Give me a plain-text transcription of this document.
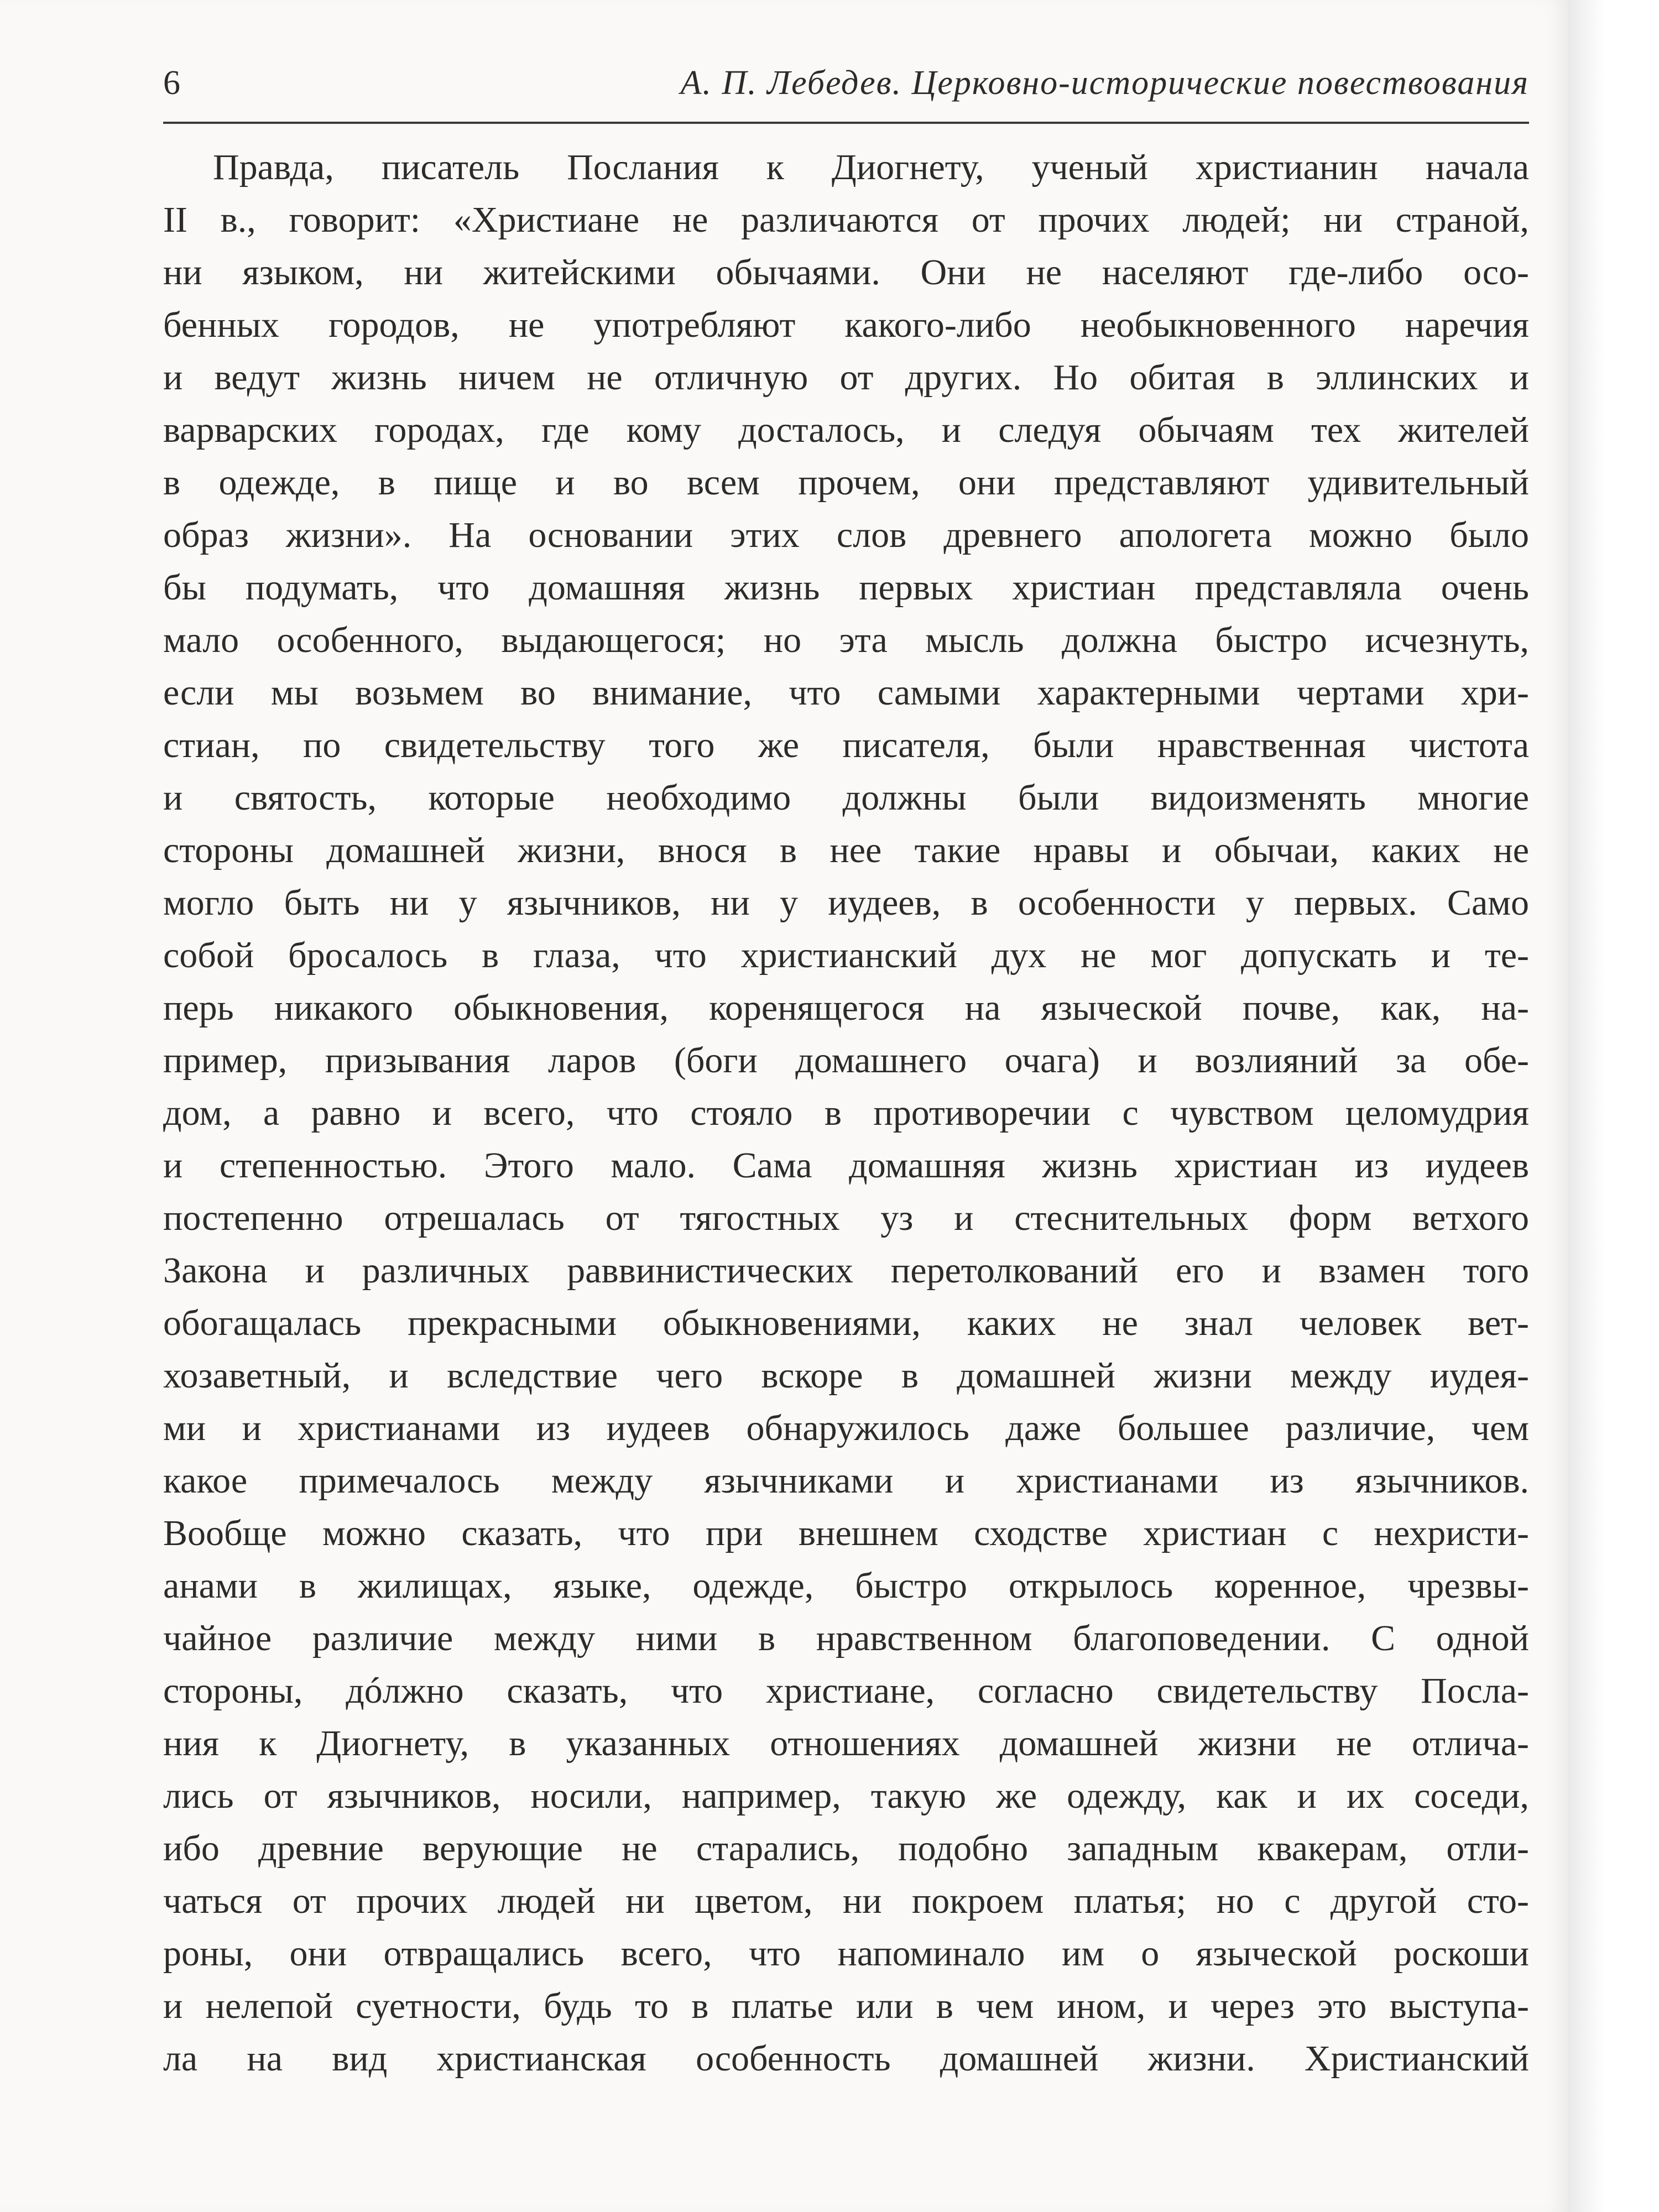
6	А. П. Лебедев. Церковно-исторические повествования
Правда, писатель Послания к Диогнету, ученый христианин начала
II в., говорит: «Христиане не различаются от прочих людей; ни страной,
ни языком, ни житейскими обычаями. Они не населяют где-либо осо-
бенных городов, не употребляют какого-либо необыкновенного наречия
и ведут жизнь ничем не отличную от других. Но обитая в эллинских и
варварских городах, где кому досталось, и следуя обычаям тех жителей
в одежде, в пище и во всем прочем, они представляют удивительный
образ жизни». На основании этих слов древнего апологета можно было
бы подумать, что домашняя жизнь первых христиан представляла очень
мало особенного, выдающегося; но эта мысль должна быстро исчезнуть,
если мы возьмем во внимание, что самыми характерными чертами хри-
стиан, по свидетельству того же писателя, были нравственная чистота
и святость, которые необходимо должны были видоизменять многие
стороны домашней жизни, внося в нее такие нравы и обычаи, каких не
могло быть ни у язычников, ни у иудеев, в особенности у первых. Само
собой бросалось в глаза, что христианский дух не мог допускать и те-
перь никакого обыкновения, коренящегося на языческой почве, как, на-
пример, призывания ларов (боги домашнего очага) и возлияний за обе-
дом, а равно и всего, что стояло в противоречии с чувством целомудрия
и степенностью. Этого мало. Сама домашняя жизнь христиан из иудеев
постепенно отрешалась от тягостных уз и стеснительных форм ветхого
Закона и различных раввинистических перетолкований его и взамен того
обогащалась прекрасными обыкновениями, каких не знал человек вет-
хозаветный, и вследствие чего вскоре в домашней жизни между иудея-
ми и христианами из иудеев обнаружилось даже большее различие, чем
какое примечалось между язычниками и христианами из язычников.
Вообще можно сказать, что при внешнем сходстве христиан с нехристи-
анами в жилищах, языке, одежде, быстро открылось коренное, чрезвы-
чайное различие между ними в нравственном благоповедении. С одной
стороны, дóлжно сказать, что христиане, согласно свидетельству Посла-
ния к Диогнету, в указанных отношениях домашней жизни не отлича-
лись от язычников, носили, например, такую же одежду, как и их соседи,
ибо древние верующие не старались, подобно западным квакерам, отли-
чаться от прочих людей ни цветом, ни покроем платья; но с другой сто-
роны, они отвращались всего, что напоминало им о языческой роскоши
и нелепой суетности, будь то в платье или в чем ином, и через это выступа-
ла на вид христианская особенность домашней жизни. Христианский
